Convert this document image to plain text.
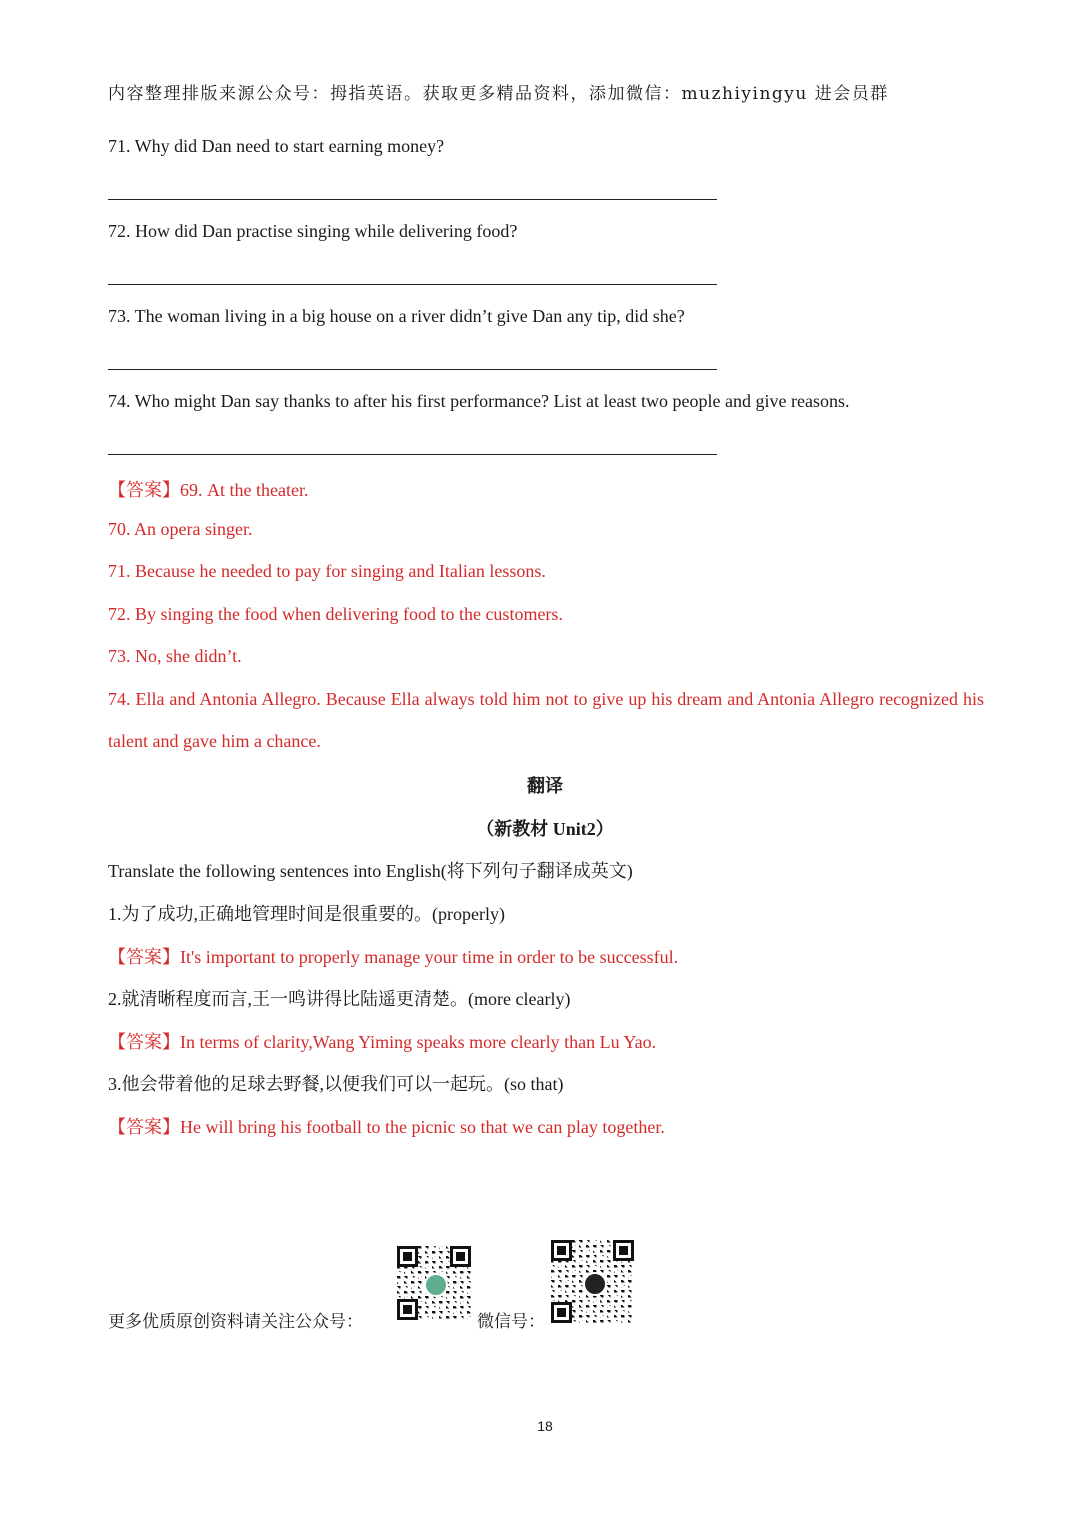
内容整理排版来源公众号：拇指英语。获取更多精品资料，添加微信：muzhiyingyu 进会员群
71. Why did Dan need to start earning money?
72. How did Dan practise singing while delivering food?
73. The woman living in a big house on a river didn’t give Dan any tip, did she?
74. Who might Dan say thanks to after his first performance? List at least two people and give reasons.
【答案】69. At the theater.
70. An opera singer.
71. Because he needed to pay for singing and Italian lessons.
72. By singing the food when delivering food to the customers.
73. No, she didn’t.
74. Ella and Antonia Allegro. Because Ella always told him not to give up his dream and Antonia Allegro recognized his talent and gave him a chance.
翻译
（新教材 Unit2）
Translate the following sentences into English(将下列句子翻译成英文)
1.为了成功,正确地管理时间是很重要的。(properly)
【答案】It's important to properly manage your time in order to be successful.
2.就清晰程度而言,王一鸣讲得比陆遥更清楚。(more clearly)
【答案】In terms of clarity,Wang Yiming speaks more clearly than Lu Yao.
3.他会带着他的足球去野餐,以便我们可以一起玩。(so that)
【答案】He will bring his football to the picnic so that we can play together.
更多优质原创资料请关注公众号：	微信号：
18
